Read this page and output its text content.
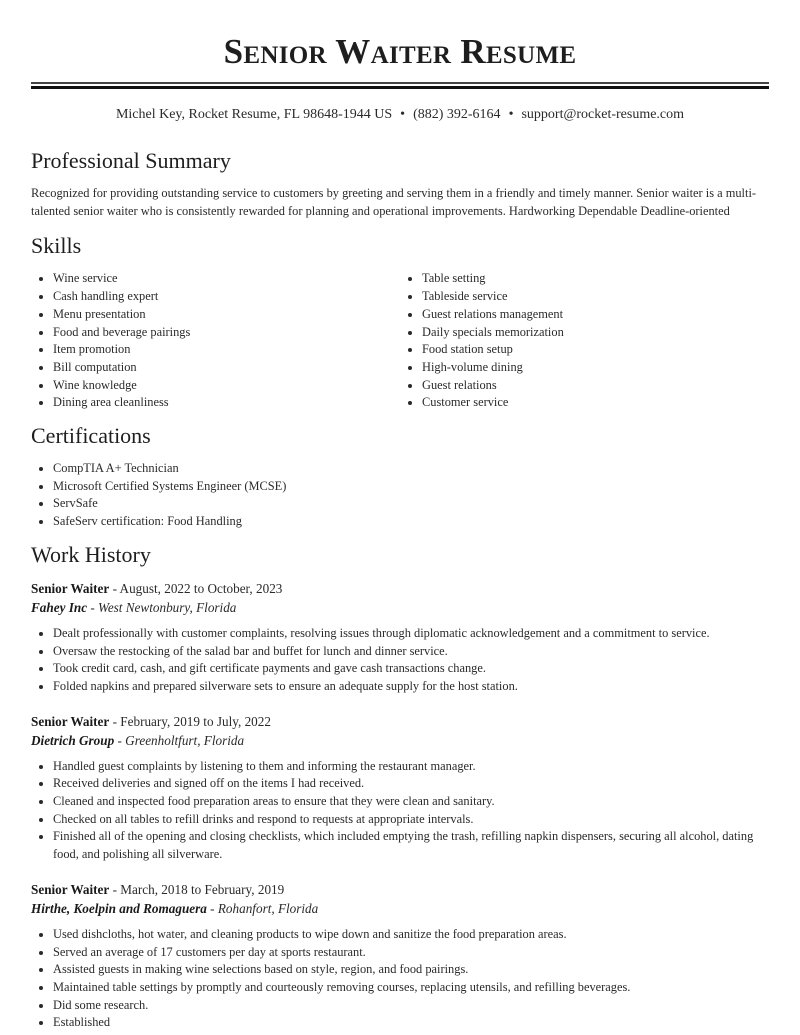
Senior Waiter Resume
Michel Key, Rocket Resume, FL 98648-1944 US • (882) 392-6164 • support@rocket-resume.com
Professional Summary

Recognized for providing outstanding service to customers by greeting and serving them in a friendly and timely manner. Senior waiter is a multi-talented senior waiter who is consistently rewarded for planning and operational improvements. Hardworking Dependable Deadline-oriented

Skills
• Wine service
• Cash handling expert
• Menu presentation
• Food and beverage pairings
• Item promotion
• Bill computation
• Wine knowledge
• Dining area cleanliness
• Table setting
• Tableside service
• Guest relations management
• Daily specials memorization
• Food station setup
• High-volume dining
• Guest relations
• Customer service
Certifications
• CompTIA A+ Technician
• Microsoft Certified Systems Engineer (MCSE)
• ServSafe
• SafeServ certification: Food Handling
Work History
Senior Waiter - August, 2022 to October, 2023
Fahey Inc - West Newtonbury, Florida
• Dealt professionally with customer complaints, resolving issues through diplomatic acknowledgement and a commitment to service.
• Oversaw the restocking of the salad bar and buffet for lunch and dinner service.
• Took credit card, cash, and gift certificate payments and gave cash transactions change.
• Folded napkins and prepared silverware sets to ensure an adequate supply for the host station.
Senior Waiter - February, 2019 to July, 2022
Dietrich Group - Greenholtfurt, Florida
• Handled guest complaints by listening to them and informing the restaurant manager.
• Received deliveries and signed off on the items I had received.
• Cleaned and inspected food preparation areas to ensure that they were clean and sanitary.
• Checked on all tables to refill drinks and respond to requests at appropriate intervals.
• Finished all of the opening and closing checklists, which included emptying the trash, refilling napkin dispensers, securing all alcohol, dating food, and polishing all silverware.
Senior Waiter - March, 2018 to February, 2019
Hirthe, Koelpin and Romaguera - Rohanfort, Florida
• Used dishcloths, hot water, and cleaning products to wipe down and sanitize the food preparation areas.
• Served an average of 17 customers per day at sports restaurant.
• Assisted guests in making wine selections based on style, region, and food pairings.
• Maintained table settings by promptly and courteously removing courses, replacing utensils, and refilling beverages.
• Did some research.
• Established
